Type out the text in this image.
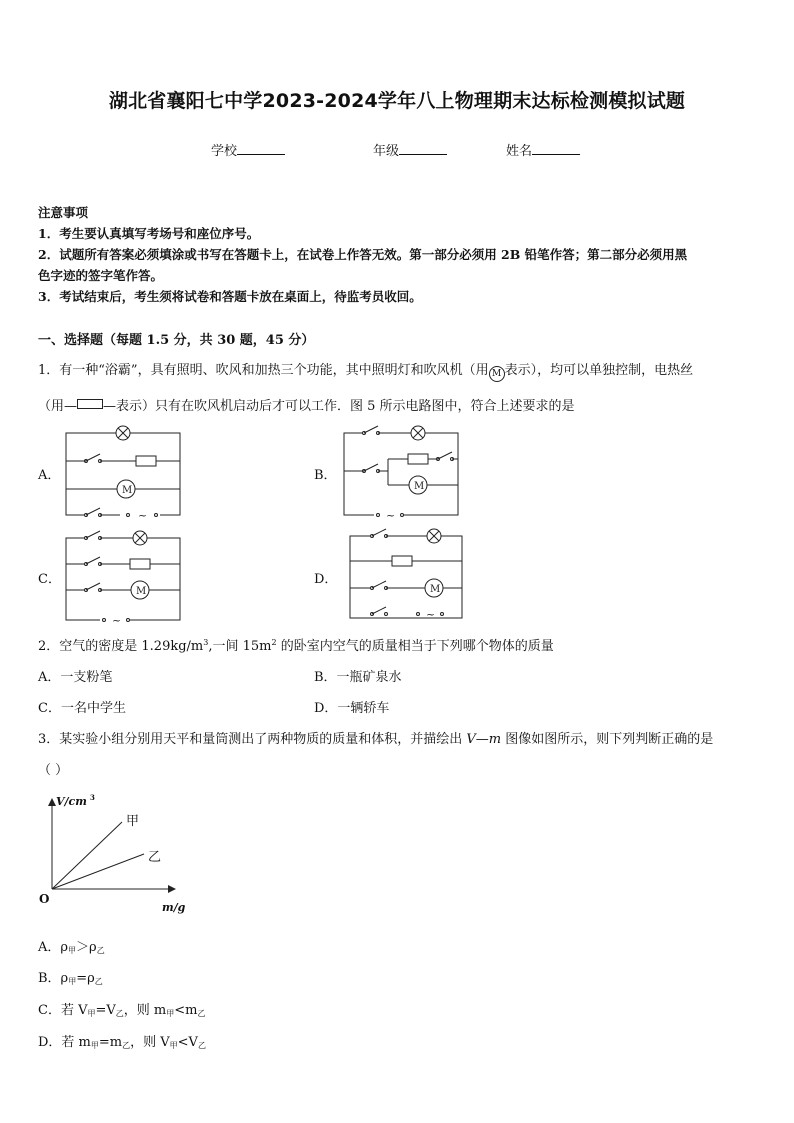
湖北省襄阳七中学2023-2024学年八上物理期末达标检测模拟试题
学校	年级	姓名
注意事项
1．考生要认真填写考场号和座位序号。
2．试题所有答案必须填涂或书写在答题卡上，在试卷上作答无效。第一部分必须用 2B 铅笔作答；第二部分必须用黑
色字迹的签字笔作答。
3．考试结束后，考生须将试卷和答题卡放在桌面上，待监考员收回。
一、选择题（每题 1.5 分，共 30 题，45 分）
1．有一种“浴霸”，具有照明、吹风和加热三个功能，其中照明灯和吹风机（用 M 表示），均可以单独控制，电热丝
（用— —表示）只有在吹风机启动后才可以工作．图 5 所示电路图中，符合上述要求的是
A．
M
~
B．
M
~
C．
M
~
D．
M
~
2．空气的密度是 $1.29kg/m^3$,一间 $15m^2$ 的卧室内空气的质量相当于下列哪个物体的质量
A．一支粉笔	B．一瓶矿泉水
C．一名中学生	D．一辆轿车
3．某实验小组分别用天平和量筒测出了两种物质的质量和体积，并描绘出 V—m 图像如图所示，则下列判断正确的是
（ ）
V/cm 3
m/g
O
甲
乙
A．$\rho_甲>\rho_乙$
B．$\rho_甲=\rho_乙$
C．若 $V_甲=V_乙$，则 $m_甲<m_乙$
D．若 $m_甲=m_乙$，则 $V_甲<V_乙$
